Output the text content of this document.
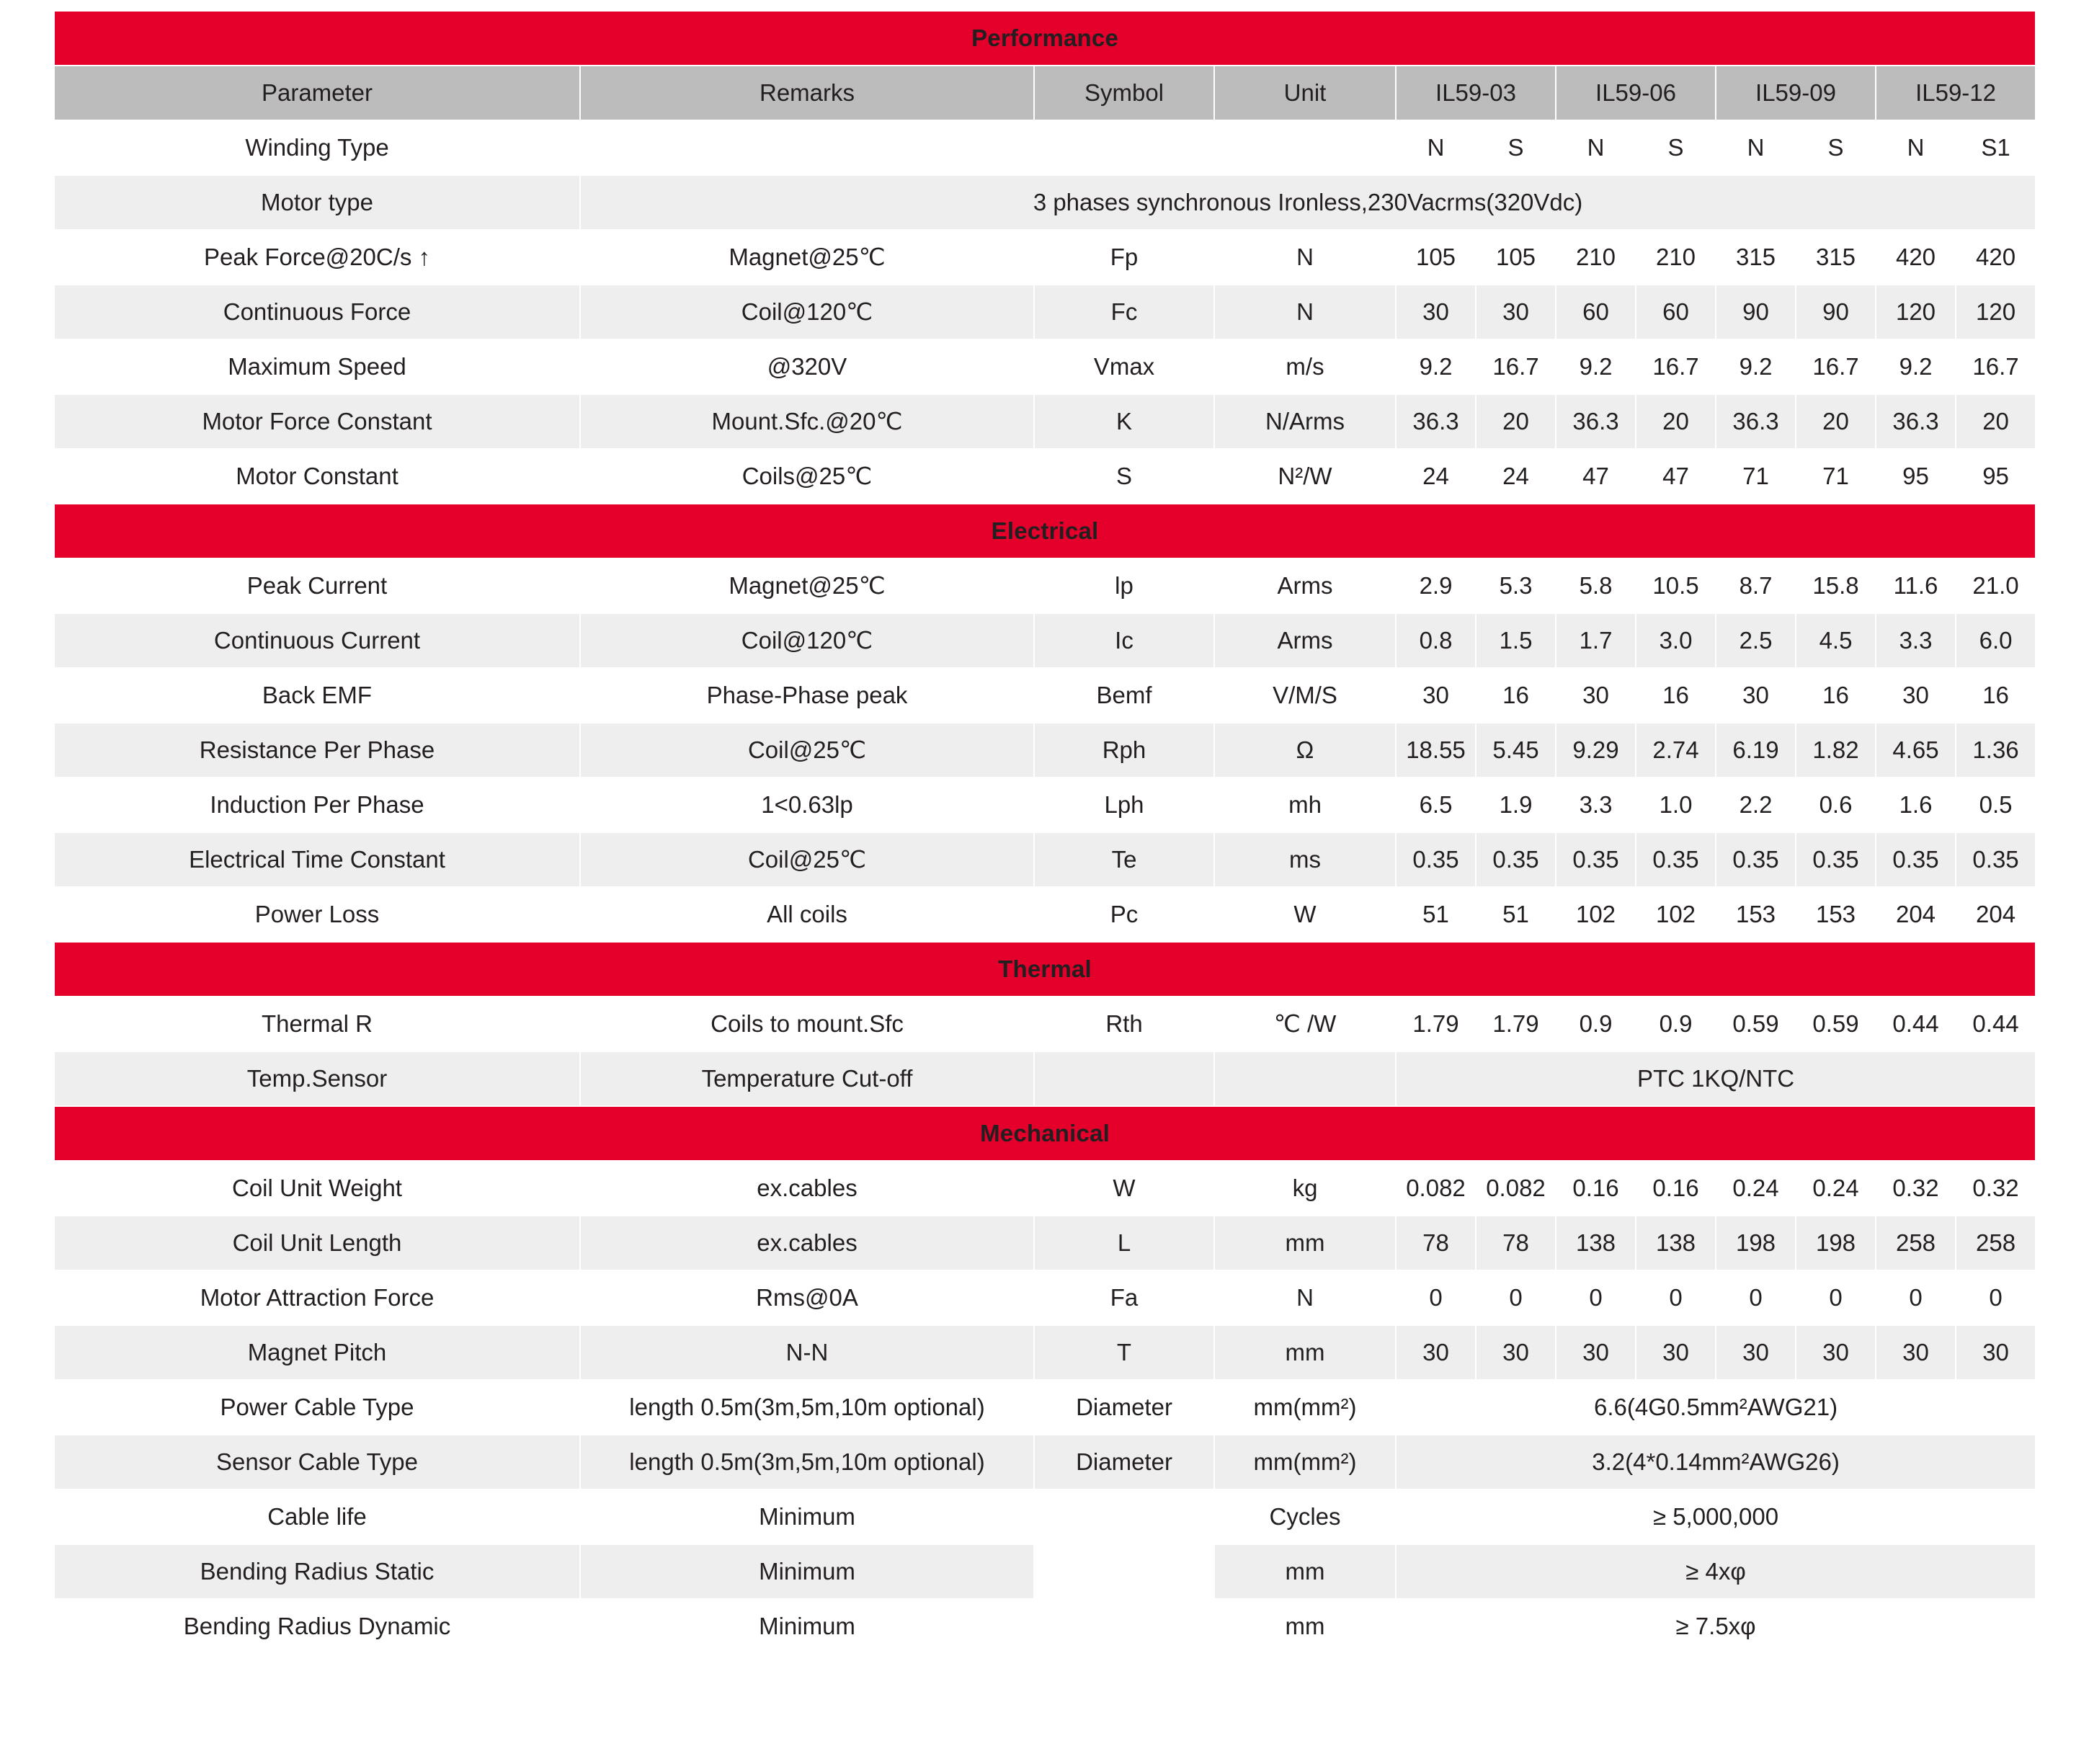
Performance											
Parameter	Remarks	Symbol	Unit	IL59-03		IL59-06		IL59-09		IL59-12	
Winding Type				N	S	N	S	N	S	N	S1
Motor type	3 phases synchronous Ironless,230Vacrms(320Vdc)										
Peak Force@20C/s ↑	Magnet@25℃	Fp	N	105	105	210	210	315	315	420	420
Continuous Force	Coil@120℃	Fc	N	30	30	60	60	90	90	120	120
Maximum Speed	@320V	Vmax	m/s	9.2	16.7	9.2	16.7	9.2	16.7	9.2	16.7
Motor Force Constant	Mount.Sfc.@20℃	K	N/Arms	36.3	20	36.3	20	36.3	20	36.3	20
Motor Constant	Coils@25℃	S	N²/W	24	24	47	47	71	71	95	95
Electrical											
Peak Current	Magnet@25℃	lp	Arms	2.9	5.3	5.8	10.5	8.7	15.8	11.6	21.0
Continuous Current	Coil@120℃	Ic	Arms	0.8	1.5	1.7	3.0	2.5	4.5	3.3	6.0
Back EMF	Phase-Phase peak	Bemf	V/M/S	30	16	30	16	30	16	30	16
Resistance Per Phase	Coil@25℃	Rph	Ω	18.55	5.45	9.29	2.74	6.19	1.82	4.65	1.36
Induction Per Phase	1<0.63lp	Lph	mh	6.5	1.9	3.3	1.0	2.2	0.6	1.6	0.5
Electrical Time Constant	Coil@25℃	Te	ms	0.35	0.35	0.35	0.35	0.35	0.35	0.35	0.35
Power Loss	All coils	Pc	W	51	51	102	102	153	153	204	204
Thermal											
Thermal R	Coils to mount.Sfc	Rth	℃ /W	1.79	1.79	0.9	0.9	0.59	0.59	0.44	0.44
Temp.Sensor	Temperature Cut-off			PTC 1KQ/NTC							
Mechanical											
Coil Unit Weight	ex.cables	W	kg	0.082	0.082	0.16	0.16	0.24	0.24	0.32	0.32
Coil Unit Length	ex.cables	L	mm	78	78	138	138	198	198	258	258
Motor Attraction Force	Rms@0A	Fa	N	0	0	0	0	0	0	0	0
Magnet Pitch	N-N	T	mm	30	30	30	30	30	30	30	30
Power Cable Type	length 0.5m(3m,5m,10m optional)	Diameter	mm(mm²)	6.6(4G0.5mm²AWG21)							
Sensor Cable Type	length 0.5m(3m,5m,10m optional)	Diameter	mm(mm²)	3.2(4*0.14mm²AWG26)							
Cable life	Minimum		Cycles	≥ 5,000,000							
Bending Radius Static	Minimum		mm	≥ 4xφ							
Bending Radius Dynamic	Minimum		mm	≥ 7.5xφ							
